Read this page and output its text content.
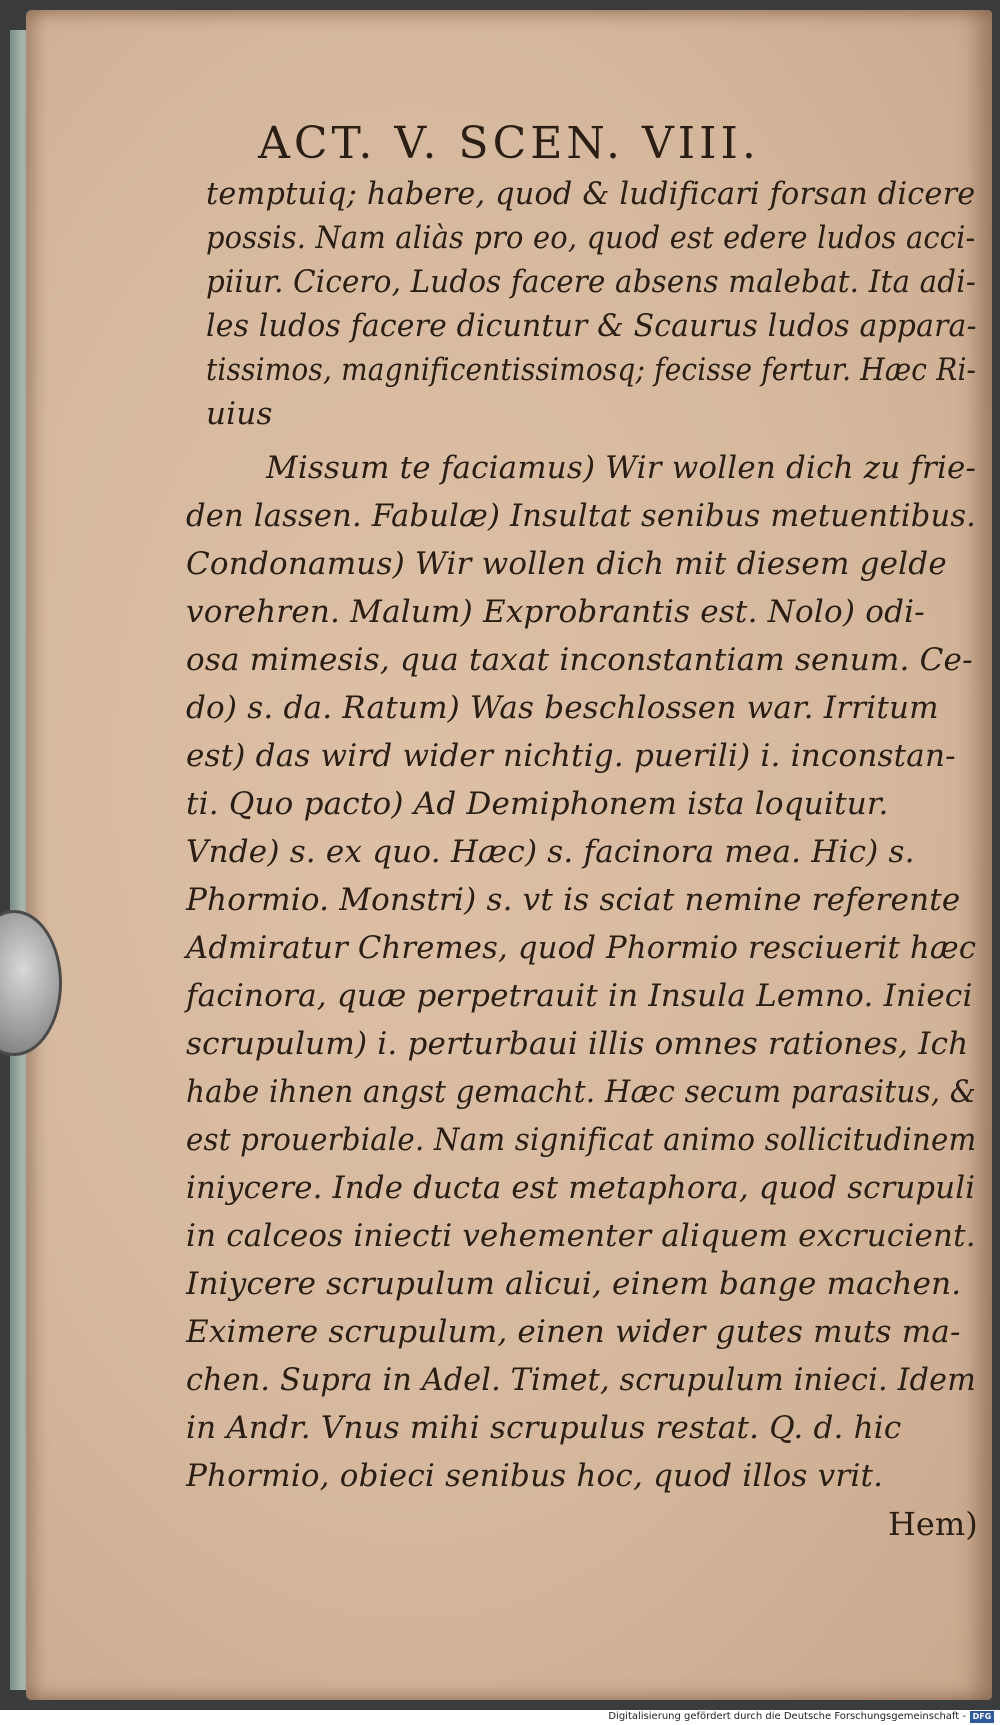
ACT. V. SCEN. VIII.
temptuiq; habere, quod & ludificari forsan dicere
possis. Nam aliàs pro eo, quod est edere ludos acci-
piiur. Cicero, Ludos facere absens malebat. Ita adi-
les ludos facere dicuntur & Scaurus ludos appara-
tissimos, magnificentissimosq; fecisse fertur. Hæc Ri-
uius
Missum te faciamus) Wir wollen dich zu frie-
den lassen. Fabulæ) Insultat senibus metuentibus.
Condonamus) Wir wollen dich mit diesem gelde
vorehren. Malum) Exprobrantis est. Nolo) odi-
osa mimesis, qua taxat inconstantiam senum. Ce-
do) s. da. Ratum) Was beschlossen war. Irritum
est) das wird wider nichtig. puerili) i. inconstan-
ti. Quo pacto) Ad Demiphonem ista loquitur.
Vnde) s. ex quo. Hæc) s. facinora mea. Hic) s.
Phormio. Monstri) s. vt is sciat nemine referente
Admiratur Chremes, quod Phormio resciuerit hæc
facinora, quæ perpetrauit in Insula Lemno. Inieci
scrupulum) i. perturbaui illis omnes rationes, Ich
habe ihnen angst gemacht. Hæc secum parasitus, &
est prouerbiale. Nam significat animo sollicitudinem
iniycere. Inde ducta est metaphora, quod scrupuli
in calceos iniecti vehementer aliquem excrucient.
Iniycere scrupulum alicui, einem bange machen.
Eximere scrupulum, einen wider gutes muts ma-
chen. Supra in Adel. Timet, scrupulum inieci. Idem
in Andr. Vnus mihi scrupulus restat. Q. d. hic
Phormio, obieci senibus hoc, quod illos vrit.
Hem)
Digitalisierung gefördert durch die Deutsche Forschungsgemeinschaft - DFG
